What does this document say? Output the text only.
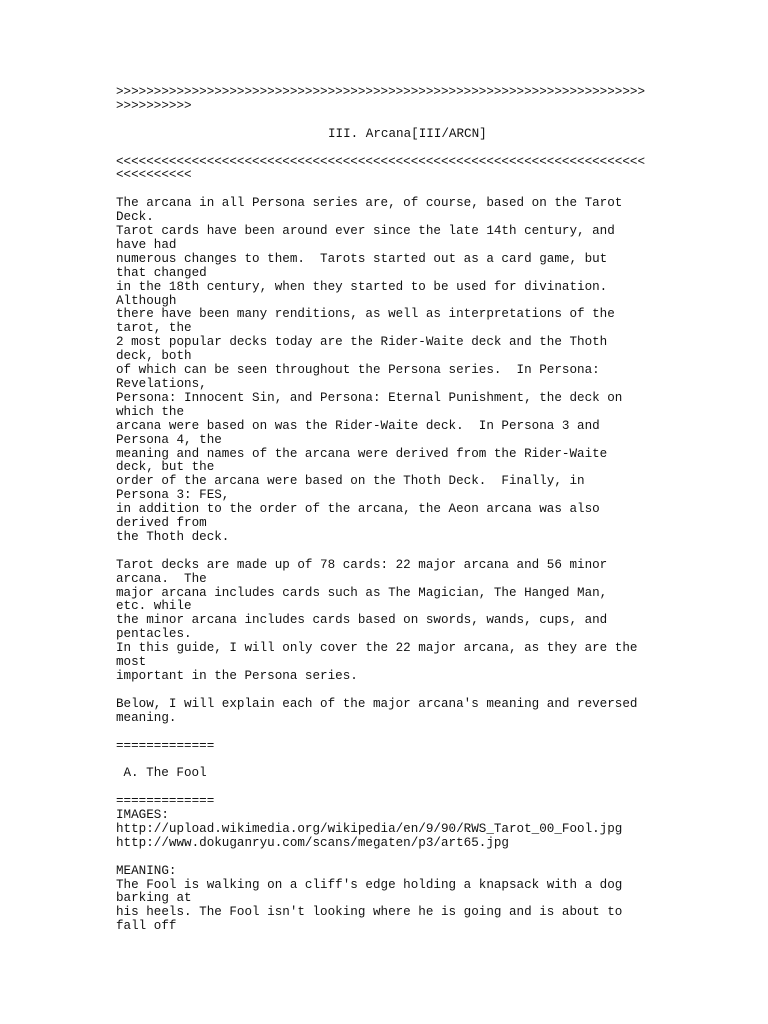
>>>>>>>>>>>>>>>>>>>>>>>>>>>>>>>>>>>>>>>>>>>>>>>>>>>>>>>>>>>>>>>>>>>>>>
>>>>>>>>>>
III. Arcana[III/ARCN]
<<<<<<<<<<<<<<<<<<<<<<<<<<<<<<<<<<<<<<<<<<<<<<<<<<<<<<<<<<<<<<<<<<<<<<
<<<<<<<<<<
The arcana in all Persona series are, of course, based on the Tarot
Deck.
Tarot cards have been around ever since the late 14th century, and
have had
numerous changes to them.  Tarots started out as a card game, but
that changed
in the 18th century, when they started to be used for divination.
Although
there have been many renditions, as well as interpretations of the
tarot, the
2 most popular decks today are the Rider-Waite deck and the Thoth
deck, both
of which can be seen throughout the Persona series.  In Persona:
Revelations,
Persona: Innocent Sin, and Persona: Eternal Punishment, the deck on
which the
arcana were based on was the Rider-Waite deck.  In Persona 3 and
Persona 4, the
meaning and names of the arcana were derived from the Rider-Waite
deck, but the
order of the arcana were based on the Thoth Deck.  Finally, in
Persona 3: FES,
in addition to the order of the arcana, the Aeon arcana was also
derived from
the Thoth deck.
Tarot decks are made up of 78 cards: 22 major arcana and 56 minor
arcana.  The
major arcana includes cards such as The Magician, The Hanged Man,
etc. while
the minor arcana includes cards based on swords, wands, cups, and
pentacles.
In this guide, I will only cover the 22 major arcana, as they are the
most
important in the Persona series.
Below, I will explain each of the major arcana's meaning and reversed
meaning.
=============
A. The Fool
=============
IMAGES:
http://upload.wikimedia.org/wikipedia/en/9/90/RWS_Tarot_00_Fool.jpg
http://www.dokuganryu.com/scans/megaten/p3/art65.jpg
MEANING:
The Fool is walking on a cliff's edge holding a knapsack with a dog
barking at
his heels. The Fool isn't looking where he is going and is about to
fall off
